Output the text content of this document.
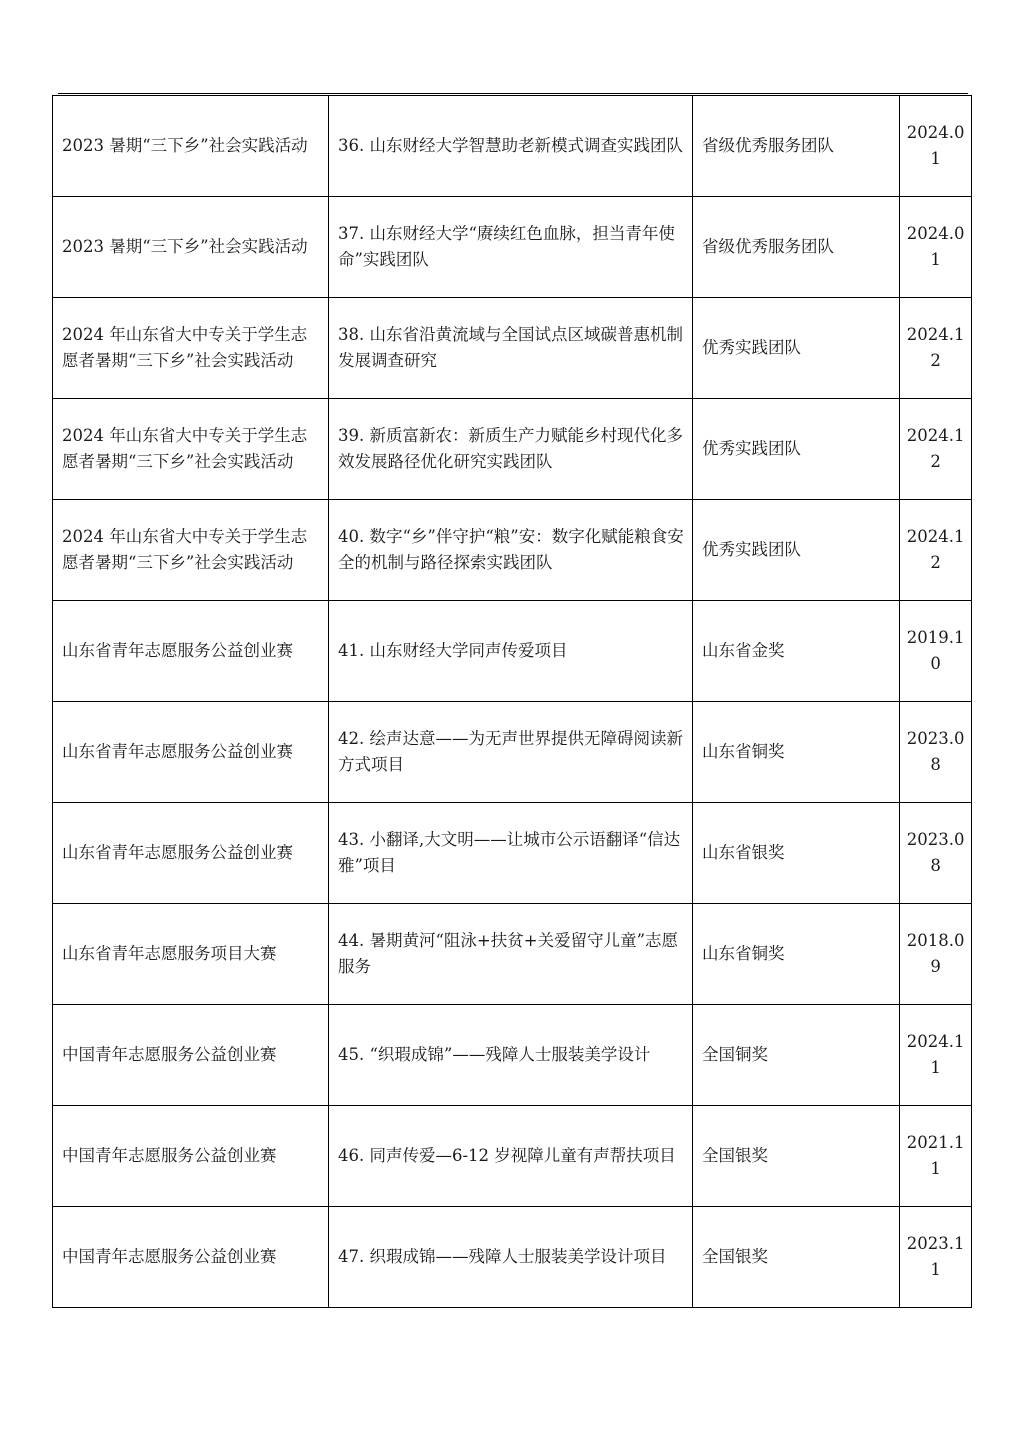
2023 暑期“三下乡”社会实践活动	36. 山东财经大学智慧助老新模式调查实践团队	省级优秀服务团队	2024.01
2023 暑期“三下乡”社会实践活动	37. 山东财经大学“赓续红色血脉，担当青年使命”实践团队	省级优秀服务团队	2024.01
2024 年山东省大中专关于学生志愿者暑期“三下乡”社会实践活动	38. 山东省沿黄流域与全国试点区域碳普惠机制发展调查研究	优秀实践团队	2024.12
2024 年山东省大中专关于学生志愿者暑期“三下乡”社会实践活动	39. 新质富新农：新质生产力赋能乡村现代化多效发展路径优化研究实践团队	优秀实践团队	2024.12
2024 年山东省大中专关于学生志愿者暑期“三下乡”社会实践活动	40. 数字“乡”伴守护“粮”安：数字化赋能粮食安全的机制与路径探索实践团队	优秀实践团队	2024.12
山东省青年志愿服务公益创业赛	41. 山东财经大学同声传爱项目	山东省金奖	2019.10
山东省青年志愿服务公益创业赛	42. 绘声达意——为无声世界提供无障碍阅读新方式项目	山东省铜奖	2023.08
山东省青年志愿服务公益创业赛	43. 小翻译,大文明——让城市公示语翻译“信达雅”项目	山东省银奖	2023.08
山东省青年志愿服务项目大赛	44. 暑期黄河“阻泳+扶贫+关爱留守儿童”志愿服务	山东省铜奖	2018.09
中国青年志愿服务公益创业赛	45. “织瑕成锦”——残障人士服装美学设计	全国铜奖	2024.11
中国青年志愿服务公益创业赛	46. 同声传爱—6-12 岁视障儿童有声帮扶项目	全国银奖	2021.11
中国青年志愿服务公益创业赛	47. 织瑕成锦——残障人士服装美学设计项目	全国银奖	2023.11
